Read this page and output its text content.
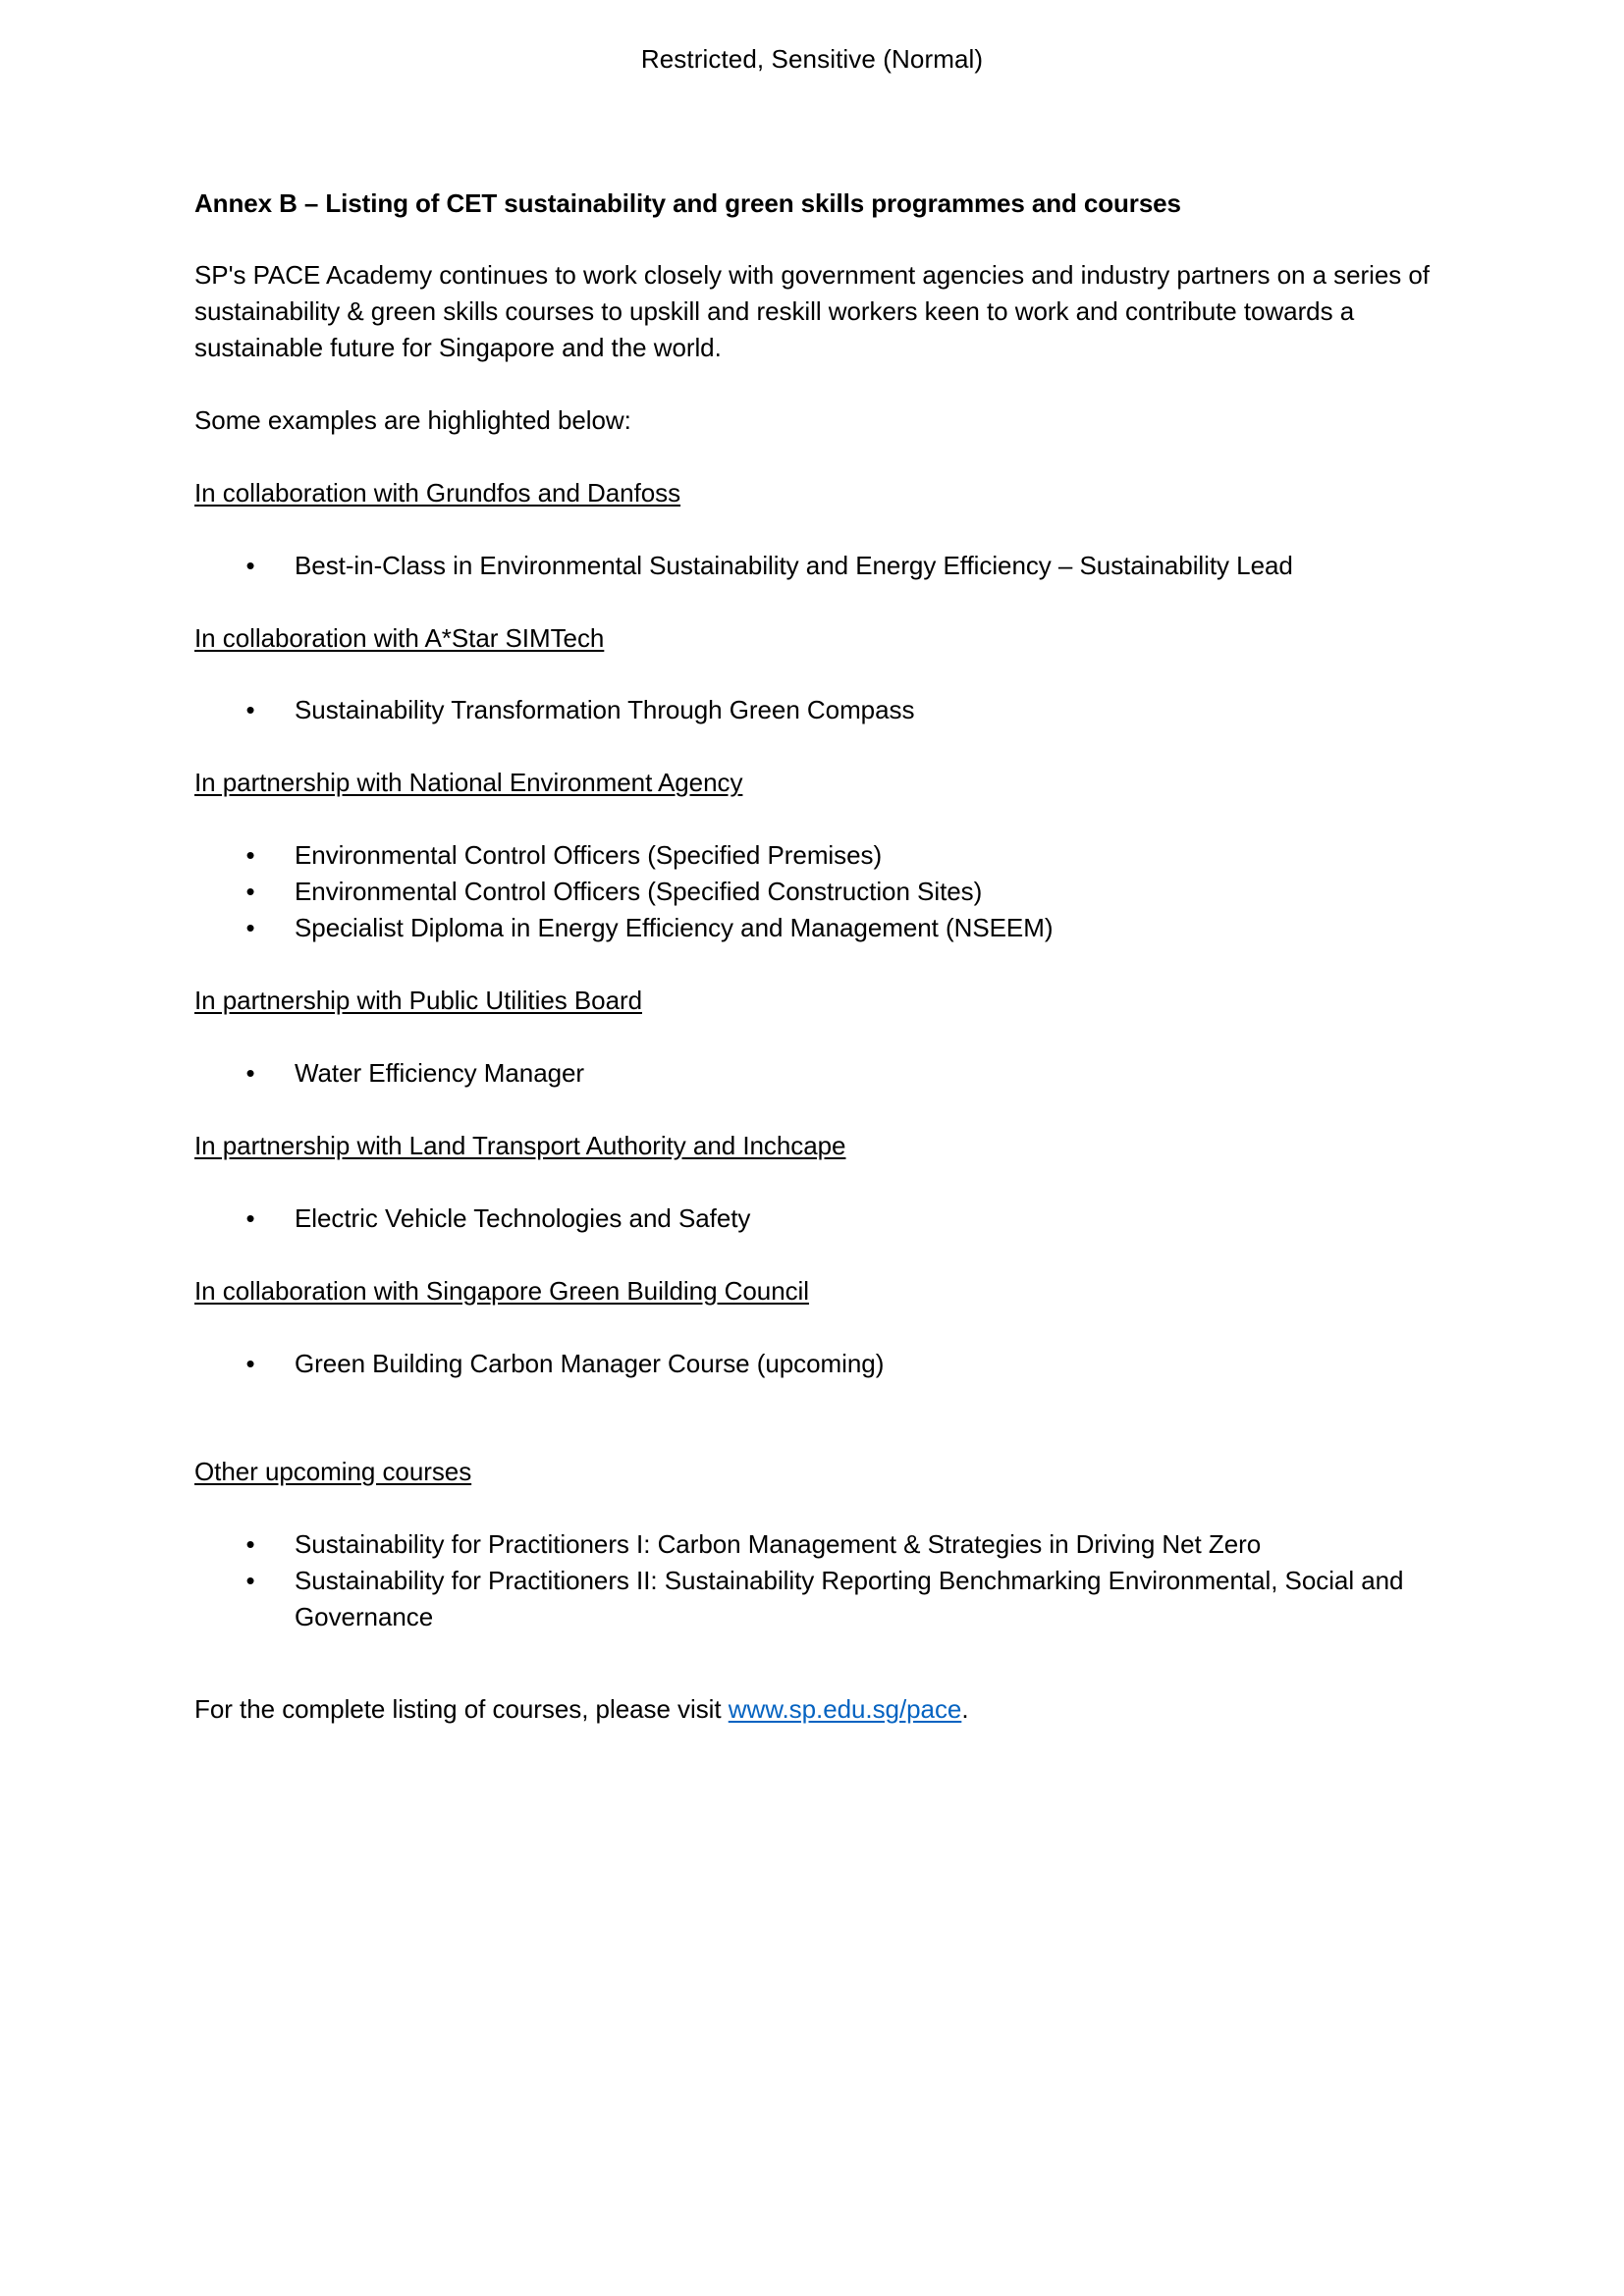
Restricted, Sensitive (Normal)

Annex B – Listing of CET sustainability and green skills programmes and courses

SP's PACE Academy continues to work closely with government agencies and industry partners on a series of sustainability & green skills courses to upskill and reskill workers keen to work and contribute towards a sustainable future for Singapore and the world.

Some examples are highlighted below:

In collaboration with Grundfos and Danfoss

• Best-in-Class in Environmental Sustainability and Energy Efficiency – Sustainability Lead

In collaboration with A*Star SIMTech

• Sustainability Transformation Through Green Compass

In partnership with National Environment Agency

• Environmental Control Officers (Specified Premises)
• Environmental Control Officers (Specified Construction Sites)
• Specialist Diploma in Energy Efficiency and Management (NSEEM)

In partnership with Public Utilities Board

• Water Efficiency Manager

In partnership with Land Transport Authority and Inchcape

• Electric Vehicle Technologies and Safety

In collaboration with Singapore Green Building Council

• Green Building Carbon Manager Course (upcoming)

Other upcoming courses

• Sustainability for Practitioners I: Carbon Management & Strategies in Driving Net Zero
• Sustainability for Practitioners II: Sustainability Reporting Benchmarking Environmental, Social and Governance

For the complete listing of courses, please visit www.sp.edu.sg/pace.
